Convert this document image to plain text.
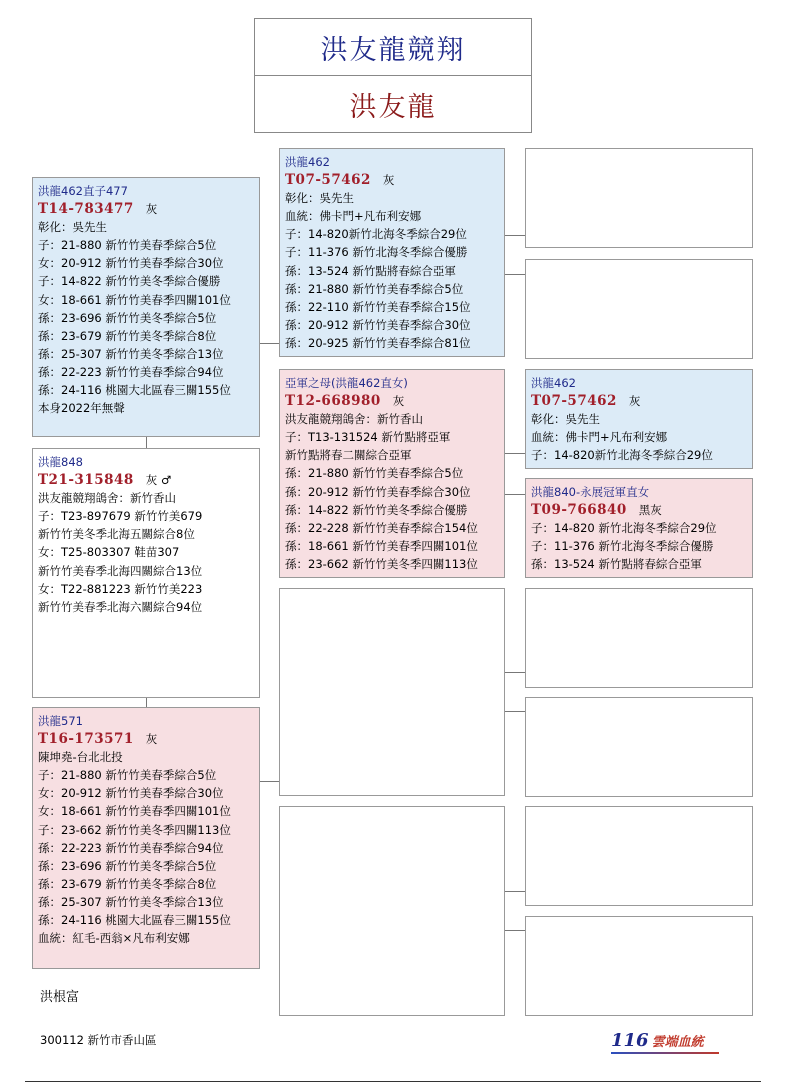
洪友龍競翔
洪友龍
洪龍462直子477
T14-783477 灰
彰化：吳先生
子：21-880 新竹竹美春季綜合5位
女：20-912 新竹竹美春季綜合30位
子：14-822 新竹竹美冬季綜合優勝
女：18-661 新竹竹美春季四關101位
孫：23-696 新竹竹美冬季綜合5位
孫：23-679 新竹竹美冬季綜合8位
孫：25-307 新竹竹美冬季綜合13位
孫：22-223 新竹竹美春季綜合94位
孫：24-116 桃園大北區春三關155位
本身2022年無聲
洪龍462
T07-57462 灰
彰化：吳先生
血統：佛卡門+凡布利安娜
子：14-820新竹北海冬季綜合29位
子：11-376 新竹北海冬季綜合優勝
孫：13-524 新竹點將春綜合亞軍
孫：21-880 新竹竹美春季綜合5位
孫：22-110 新竹竹美春季綜合15位
孫：20-912 新竹竹美春季綜合30位
孫：20-925 新竹竹美春季綜合81位
亞軍之母(洪龍462直女)
T12-668980 灰
洪友龍競翔鴿舍：新竹香山
子：T13-131524 新竹點將亞軍
新竹點將春二關綜合亞軍
孫：21-880 新竹竹美春季綜合5位
孫：20-912 新竹竹美春季綜合30位
孫：14-822 新竹竹美冬季綜合優勝
孫：22-228 新竹竹美春季綜合154位
孫：18-661 新竹竹美春季四關101位
孫：23-662 新竹竹美冬季四關113位
洪龍462
T07-57462 灰
彰化：吳先生
血統：佛卡門+凡布利安娜
子：14-820新竹北海冬季綜合29位
洪龍840-永展冠軍直女
T09-766840 黑灰
子：14-820 新竹北海冬季綜合29位
子：11-376 新竹北海冬季綜合優勝
孫：13-524 新竹點將春綜合亞軍
洪龍848
T21-315848 灰 ♂
洪友龍競翔鴿舍：新竹香山
子：T23-897679 新竹竹美679
新竹竹美冬季北海五關綜合8位
女：T25-803307 鞋苗307
新竹竹美春季北海四關綜合13位
女：T22-881223 新竹竹美223
新竹竹美春季北海六關綜合94位
洪龍571
T16-173571 灰
陳坤堯-台北北投
子：21-880 新竹竹美春季綜合5位
女：20-912 新竹竹美春季綜合30位
女：18-661 新竹竹美春季四關101位
子：23-662 新竹竹美冬季四關113位
孫：22-223 新竹竹美春季綜合94位
孫：23-696 新竹竹美冬季綜合5位
孫：23-679 新竹竹美冬季綜合8位
孫：25-307 新竹竹美冬季綜合13位
孫：24-116 桃園大北區春三關155位
血統：紅毛-西翁×凡布利安娜
洪根富
300112 新竹市香山區	116 雲端血統
